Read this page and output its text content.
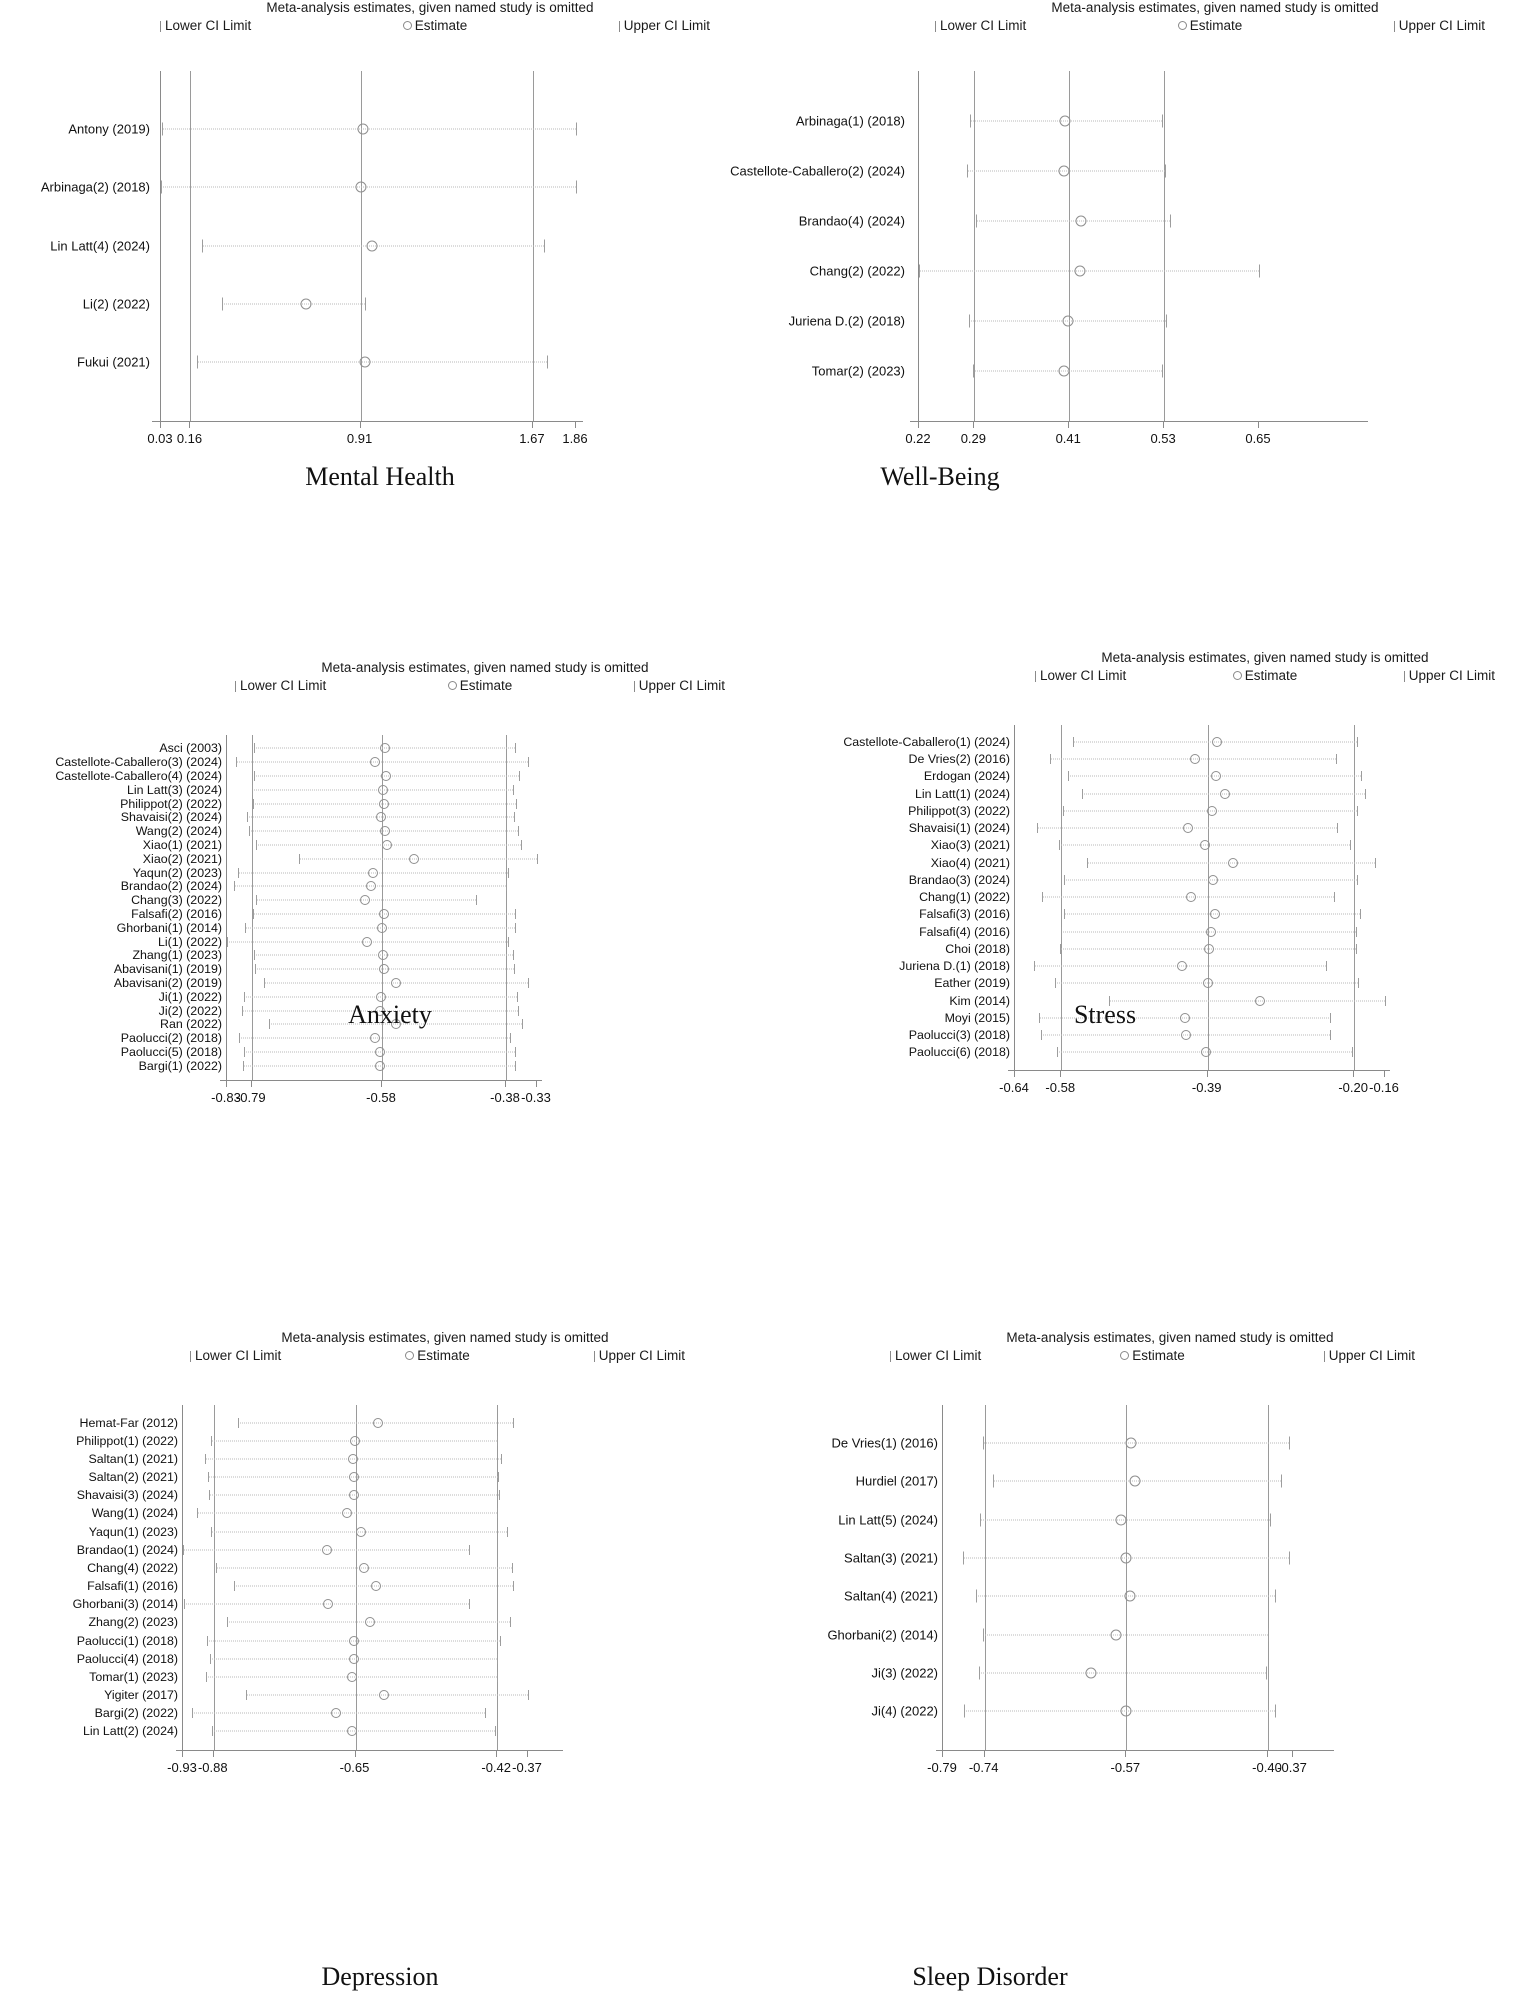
Meta-analysis estimates, given named study is omitted
Lower CI Limit	Estimate	Upper CI Limit
Antony (2019)
Arbinaga(2) (2018)
Lin Latt(4) (2024)
Li(2) (2022)
Fukui (2021)
0.03 0.16	0.91	1.67 1.86
Meta-analysis estimates, given named study is omitted
Lower CI Limit	Estimate	Upper CI Limit
Arbinaga(1) (2018)
Castellote-Caballero(2) (2024)
Brandao(4) (2024)
Chang(2) (2022)
Juriena D.(2) (2018)
Tomar(2) (2023)
0.22 0.29	0.41	0.53	0.65
Meta-analysis estimates, given named study is omitted
Lower CI Limit	Estimate	Upper CI Limit
Asci (2003)
Castellote-Caballero(3) (2024)
Castellote-Caballero(4) (2024)
Lin Latt(3) (2024)
Philippot(2) (2022)
Shavaisi(2) (2024)
Wang(2) (2024)
Xiao(1) (2021)
Xiao(2) (2021)
Yaqun(2) (2023)
Brandao(2) (2024)
Chang(3) (2022)
Falsafi(2) (2016)
Ghorbani(1) (2014)
Li(1) (2022)
Zhang(1) (2023)
Abavisani(1) (2019)
Abavisani(2) (2019)
Ji(1) (2022)
Ji(2) (2022)
Ran (2022)
Paolucci(2) (2018)
Paolucci(5) (2018)
Bargi(1) (2022)
-0.83
-0.79	-0.58	-0.38 -0.33
Meta-analysis estimates, given named study is omitted
Lower CI Limit	Estimate	Upper CI Limit
Castellote-Caballero(1) (2024)
De Vries(2) (2016)
Erdogan (2024)
Lin Latt(1) (2024)
Philippot(3) (2022)
Shavaisi(1) (2024)
Xiao(3) (2021)
Xiao(4) (2021)
Brandao(3) (2024)
Chang(1) (2022)
Falsafi(3) (2016)
Falsafi(4) (2016)
Choi (2018)
Juriena D.(1) (2018)
Eather (2019)
Kim (2014)
Moyi (2015)
Paolucci(3) (2018)
Paolucci(6) (2018)
-0.64 -0.58	-0.39	-0.20 -0.16
Meta-analysis estimates, given named study is omitted
Lower CI Limit	Estimate	Upper CI Limit
Hemat-Far (2012)
Philippot(1) (2022)
Saltan(1) (2021)
Saltan(2) (2021)
Shavaisi(3) (2024)
Wang(1) (2024)
Yaqun(1) (2023)
Brandao(1) (2024)
Chang(4) (2022)
Falsafi(1) (2016)
Ghorbani(3) (2014)
Zhang(2) (2023)
Paolucci(1) (2018)
Paolucci(4) (2018)
Tomar(1) (2023)
Yigiter (2017)
Bargi(2) (2022)
Lin Latt(2) (2024)
-0.93 -0.88	-0.65	-0.42 -0.37
Meta-analysis estimates, given named study is omitted
Lower CI Limit	Estimate	Upper CI Limit
De Vries(1) (2016)
Hurdiel (2017)
Lin Latt(5) (2024)
Saltan(3) (2021)
Saltan(4) (2021)
Ghorbani(2) (2014)
Ji(3) (2022)
Ji(4) (2022)
-0.79 -0.74	-0.57	-0.40
-0.37
Mental Health	Well-Being
Anxiety	Stress
Depression	Sleep Disorder
